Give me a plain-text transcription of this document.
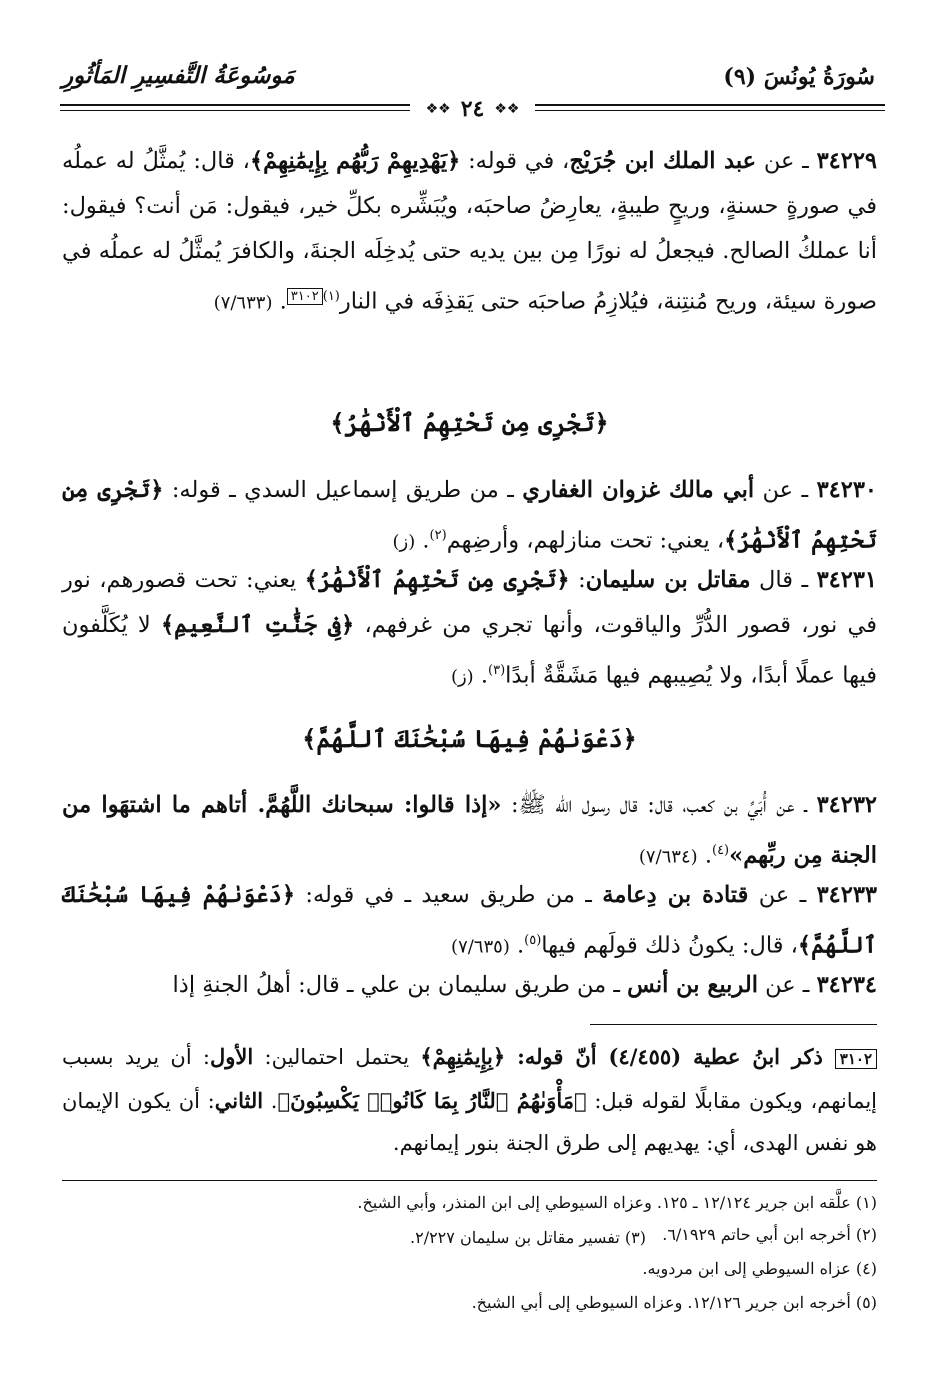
سُورَةُ يُونُسَ (٩)
مَوسُوعَةُ التَّفسِيرِ المَأثُورِ
❖❖
٢٤
❖❖
٣٤٢٢٩ ـ عن عبد الملك ابن جُرَيْج، في قوله: ﴿يَهْدِيهِمْ رَبُّهُم بِإِيمَٰنِهِمْ﴾، قال: يُمثَّلُ له عملُه في صورةٍ حسنةٍ، وريحٍ طيبةٍ، يعارِضُ صاحبَه، ويُبَشِّره بكلِّ خير، فيقول: مَن أنت؟ فيقول: أنا عملكُ الصالح. فيجعلُ له نورًا مِن بين يديه حتى يُدخِلَه الجنةَ، والكافرَ يُمثَّلُ له عملُه في صورة سيئة، وريح مُنتِنة، فيُلازِمُ صاحبَه حتى يَقذِفَه في النار$^{(١)٣١٠٢}$. (٧/٦٣٣)
﴿تَجْرِى مِن تَحْتِهِمُ ٱلْأَنْهَٰرُ﴾
٣٤٢٣٠ ـ عن أبي مالك غزوان الغفاري ـ من طريق إسماعيل السدي ـ قوله: ﴿تَجْرِى مِن تَحْتِهِمُ ٱلْأَنْهَٰرُ﴾، يعني: تحت منازلهم، وأرضِهم$^{(٢)}$. (ز)
٣٤٢٣١ ـ قال مقاتل بن سليمان: ﴿تَجْرِى مِن تَحْتِهِمُ ٱلْأَنْهَٰرُ﴾ يعني: تحت قصورهم، نور في نور، قصور الدُّرِّ والياقوت، وأنها تجري من غرفهم، ﴿فِى جَنَّٰتِ ٱلنَّعِيمِ﴾ لا يُكَلَّفون فيها عملًا أبدًا، ولا يُصِيبهم فيها مَشَقَّةٌ أبدًا$^{(٣)}$. (ز)
﴿دَعْوَىٰهُمْ فِيهَا سُبْحَٰنَكَ ٱللَّهُمَّ﴾
٣٤٢٣٢ ـ عن أُبَيِّ بن كعب، قال: قال رسول الله ﷺ: «إذا قالوا: سبحانك اللَّهُمَّ. أتاهم ما اشتهَوا من الجنة مِن ربِّهم»$^{(٤)}$. (٧/٦٣٤)
٣٤٢٣٣ ـ عن قتادة بن دِعامة ـ من طريق سعيد ـ في قوله: ﴿دَعْوَىٰهُمْ فِيهَا سُبْحَٰنَكَ ٱللَّهُمَّ﴾، قال: يكونُ ذلك قولَهم فيها$^{(٥)}$. (٧/٦٣٥)
٣٤٢٣٤ ـ عن الربيع بن أنس ـ من طريق سليمان بن علي ـ قال: أهلُ الجنةِ إذا
٣١٠٢ ذكر ابنُ عطية (٤/٤٥٥) أنّ قوله: ﴿بِإِيمَٰنِهِمْ﴾ يحتمل احتمالين: الأول: أن يريد بسبب إيمانهم، ويكون مقابلًا لقوله قبل: ﴿مَأْوَىٰهُمُ ٱلنَّارُ بِمَا كَانُوا۟ يَكْسِبُونَ﴾. الثاني: أن يكون الإيمان هو نفس الهدى، أي: يهديهم إلى طرق الجنة بنور إيمانهم.
(١) علَّقه ابن جرير ١٢/١٢٤ ـ ١٢٥. وعزاه السيوطي إلى ابن المنذر، وأبي الشيخ.
(٢) أخرجه ابن أبي حاتم ٦/١٩٢٩.
(٣) تفسير مقاتل بن سليمان ٢/٢٢٧.
(٤) عزاه السيوطي إلى ابن مردويه.
(٥) أخرجه ابن جرير ١٢/١٢٦. وعزاه السيوطي إلى أبي الشيخ.
